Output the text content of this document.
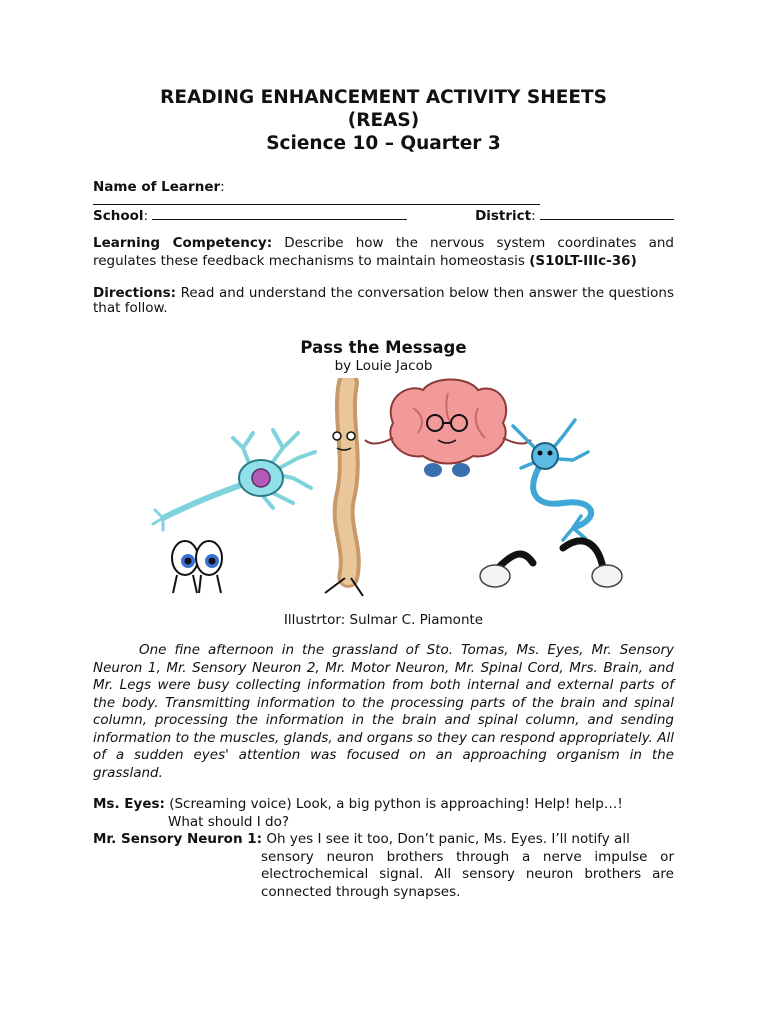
READING ENHANCEMENT ACTIVITY SHEETS
(REAS)
Science 10 – Quarter 3
Name of Learner:
School:	District:
Learning Competency: Describe how the nervous system coordinates and regulates these feedback mechanisms to maintain homeostasis (S10LT-IIIc-36)
Directions: Read and understand the conversation below then answer the questions that follow.
Pass the Message
by Louie Jacob
Illustrtor: Sulmar C. Piamonte
One fine afternoon in the grassland of Sto. Tomas, Ms. Eyes, Mr. Sensory Neuron 1, Mr. Sensory Neuron 2, Mr. Motor Neuron, Mr. Spinal Cord, Mrs. Brain, and Mr. Legs were busy collecting information from both internal and external parts of the body. Transmitting information to the processing parts of the brain and spinal column, processing the information in the brain and spinal column, and sending information to the muscles, glands, and organs so they can respond appropriately. All of a sudden eyes' attention was focused on an approaching organism in the grassland.
Ms. Eyes: (Screaming voice) Look, a big python is approaching! Help! help…!
What should I do?
Mr. Sensory Neuron 1: Oh yes I see it too, Don’t panic, Ms. Eyes. I’ll notify all
sensory neuron brothers through a nerve impulse or electrochemical signal. All sensory neuron brothers are connected through synapses.
